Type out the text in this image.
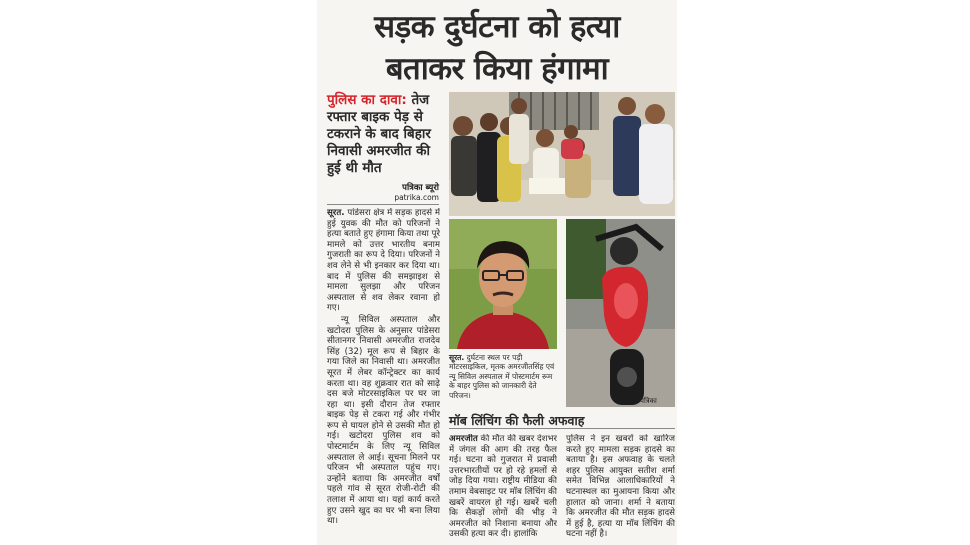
सड़क दुर्घटना को हत्या
बताकर किया हंगामा
पुलिस का दावा: तेज रफ्तार बाइक पेड़ से टकराने के बाद बिहार निवासी अमरजीत की हुई थी मौत
पत्रिका ब्यूरो
patrika.com
सूरत. पांडेसरा क्षेत्र में सड़क हादसे में हुई युवक की मौत को परिजनों ने हत्या बताते हुए हंगामा किया तथा पूरे मामले को उत्तर भारतीय बनाम गुजराती का रूप दे दिया। परिजनों ने शव लेने से भी इनकार कर दिया था। बाद में पुलिस की समझाइश से मामला सुलझा और परिजन अस्पताल से शव लेकर रवाना हो गए।
न्यू सिविल अस्पताल और खटोदरा पुलिस के अनुसार पांडेसरा सीतानगर निवासी अमरजीत राजदेव सिंह (32) मूल रूप से बिहार के गया जिले का निवासी था। अमरजीत सूरत में लेबर कॉन्ट्रेक्टर का कार्य करता था। वह शुक्रवार रात को साढ़े दस बजे मोटरसाइकिल पर घर जा रहा था। इसी दौरान तेज रफ्तार बाइक पेड़ से टकरा गई और गंभीर रूप से घायल होने से उसकी मौत हो गई। खटोदरा पुलिस शव को पोस्टमार्टम के लिए न्यू सिविल अस्पताल ले आई। सूचना मिलने पर परिजन भी अस्पताल पहुंच गए। उन्होंने बताया कि अमरजीत वर्षों पहले गांव से सूरत रोजी-रोटी की तलाश में आया था। यहां कार्य करते हुए उसने खुद का घर भी बना लिया था।
सूरत. दुर्घटना स्थल पर पड़ी मोटरसाइकिल, मृतक अमरजीतसिंह एवं न्यू सिविल अस्पताल में पोस्टमार्टम रूम के बाहर पुलिस को जानकारी देते परिजन।
पत्रिका
मॉब लिंचिंग की फैली अफवाह
अमरजीत की मौत की खबर देशभर में जंगल की आग की तरह फैल गई। घटना को गुजरात में प्रवासी उत्तरभारतीयों पर हो रहे हमलों से जोड़ दिया गया। राष्ट्रीय मीडिया की तमाम वेबसाइट पर मॉब लिंचिंग की खबरें वायरल हो गई। खबरें चली कि सैकड़ों लोगों की भीड़ ने अमरजीत को निशाना बनाया और उसकी हत्या कर दी। हालांकि
पुलिस ने इन खबरों को खारिज करते हुए मामला सड़क हादसे का बताया है। इस अफवाह के चलते शहर पुलिस आयुक्त सतीश शर्मा समेत विभिन्न आलाधिकारियों ने घटनास्थल का मुआयना किया और हालात को जाना। शर्मा ने बताया कि अमरजीत की मौत सड़क हादसे में हुई है, हत्या या मॉब लिंचिंग की घटना नहीं है।
